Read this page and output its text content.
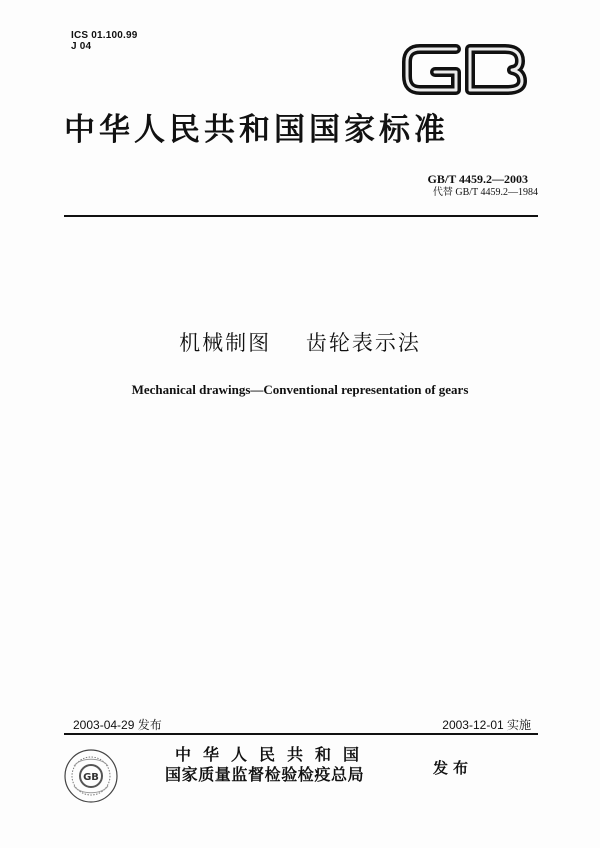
ICS 01.100.99
J 04
中华人民共和国国家标准
GB/T 4459.2—2003
代替 GB/T 4459.2—1984
机械制图    齿轮表示法
Mechanical drawings—Conventional representation of gears
2003-04-29 发布	2003-12-01 实施
GB
中华人民共和国
国家质量监督检验检疫总局	发布
